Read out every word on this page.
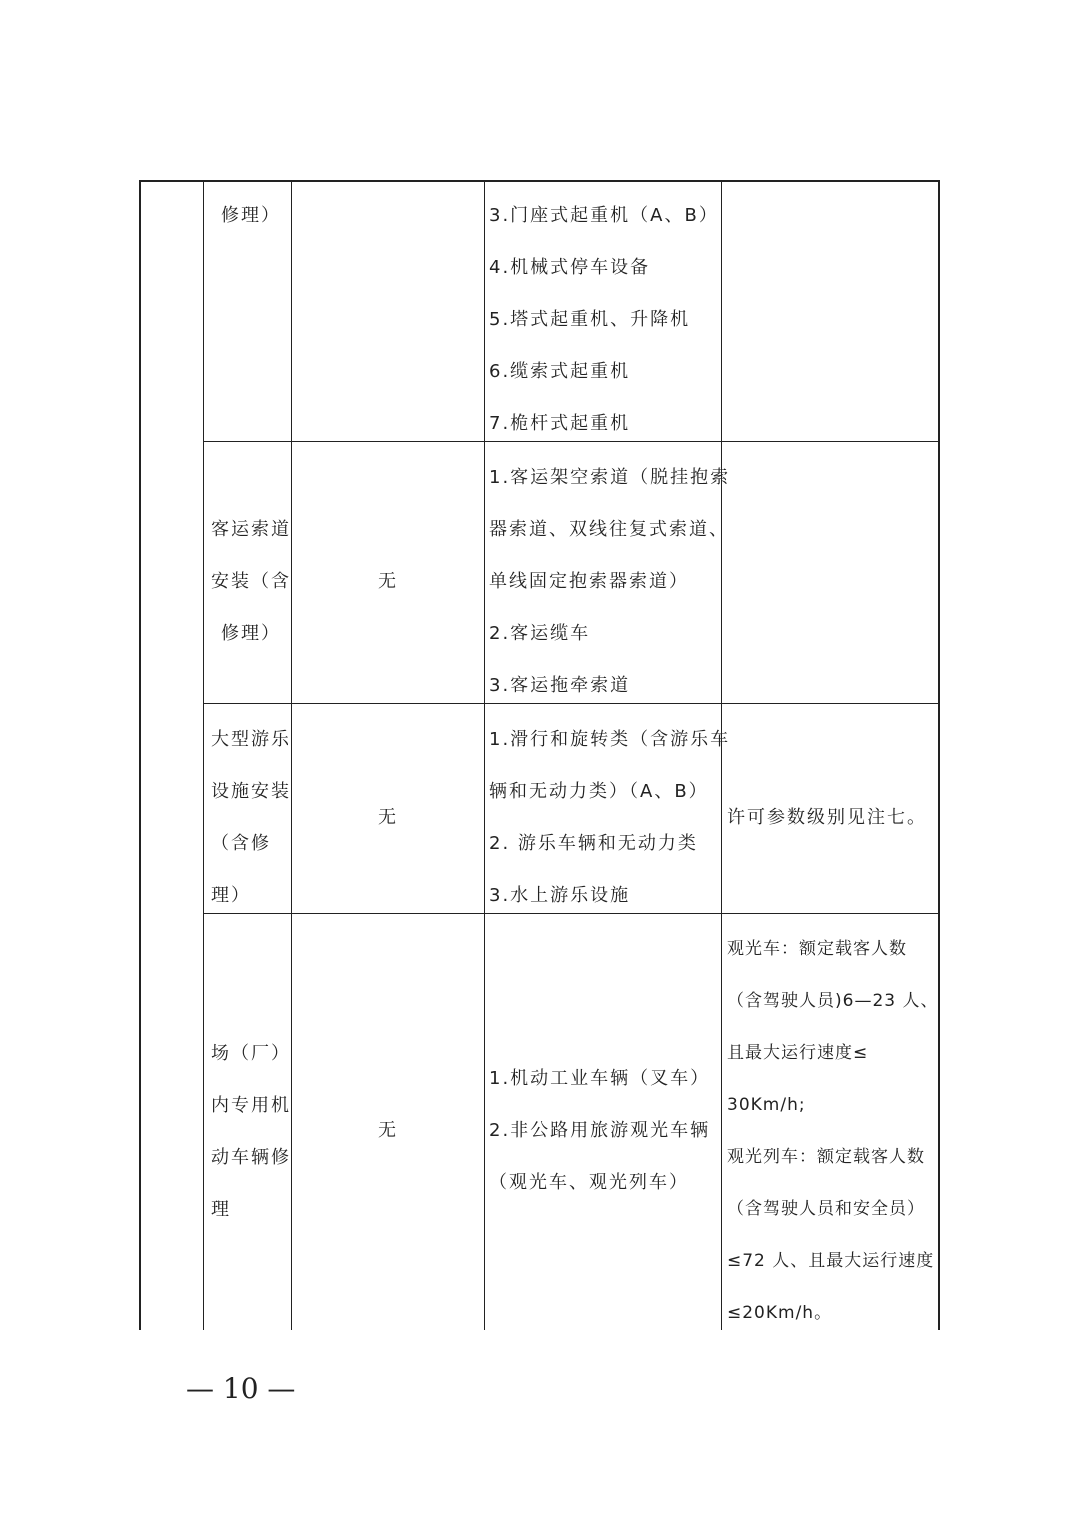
修理）	3.门座式起重机（A、B）
4.机械式停车设备
5.塔式起重机、升降机
6.缆索式起重机
7.桅杆式起重机
客运索道
安装（含
修理）
无
1.客运架空索道（脱挂抱索
器索道、双线往复式索道、
单线固定抱索器索道）
2.客运缆车
3.客运拖牵索道
大型游乐
设施安装
（含修
理）
无
1.滑行和旋转类（含游乐车
辆和无动力类）（A、B）
2. 游乐车辆和无动力类
3.水上游乐设施
许可参数级别见注七。
场（厂）
内专用机
动车辆修
理
无
1.机动工业车辆（叉车）
2.非公路用旅游观光车辆
（观光车、观光列车）
观光车：额定载客人数
（含驾驶人员)6—23 人、
且最大运行速度≤
30Km/h;
观光列车：额定载客人数
（含驾驶人员和安全员）
≤72 人、且最大运行速度
≤20Km/h。
— 10 —
